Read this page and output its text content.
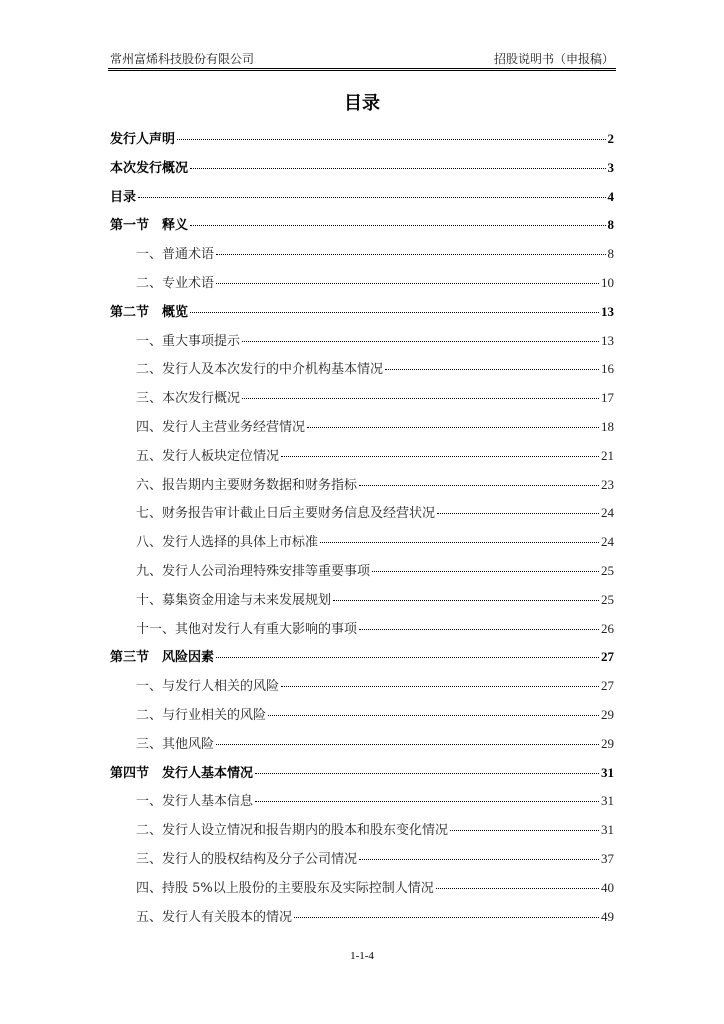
常州富烯科技股份有限公司	招股说明书（申报稿）
目录
发行人声明	2
本次发行概况	3
目录	4
第一节　释义	8
一、普通术语	8
二、专业术语	10
第二节　概览	13
一、重大事项提示	13
二、发行人及本次发行的中介机构基本情况	16
三、本次发行概况	17
四、发行人主营业务经营情况	18
五、发行人板块定位情况	21
六、报告期内主要财务数据和财务指标	23
七、财务报告审计截止日后主要财务信息及经营状况	24
八、发行人选择的具体上市标准	24
九、发行人公司治理特殊安排等重要事项	25
十、募集资金用途与未来发展规划	25
十一、其他对发行人有重大影响的事项	26
第三节　风险因素	27
一、与发行人相关的风险	27
二、与行业相关的风险	29
三、其他风险	29
第四节　发行人基本情况	31
一、发行人基本信息	31
二、发行人设立情况和报告期内的股本和股东变化情况	31
三、发行人的股权结构及分子公司情况	37
四、持股 5%以上股份的主要股东及实际控制人情况	40
五、发行人有关股本的情况	49
1-1-4
